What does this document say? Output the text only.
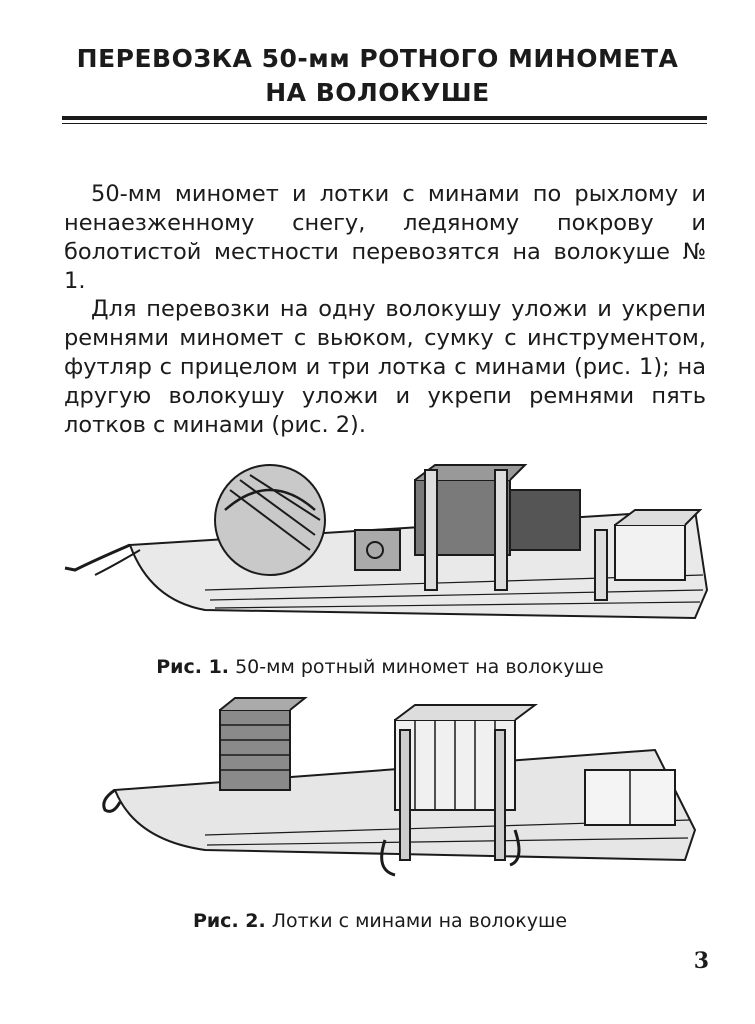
ПЕРЕВОЗКА 50-мм РОТНОГО МИНОМЕТА
НА ВОЛОКУШЕ

50-мм миномет и лотки с минами по рыхлому и ненаезженному снегу, ледяному покрову и болотистой местности перевозятся на волокуше № 1.

Для перевозки на одну волокушу уложи и укрепи ремнями миномет с вьюком, сумку с инструментом, футляр с прицелом и три лотка с минами (рис. 1); на другую волокушу уложи и укрепи ремнями пять лотков с минами (рис. 2).

Рис. 1. 50-мм ротный миномет на волокуше
Рис. 2. Лотки с минами на волокуше
3
